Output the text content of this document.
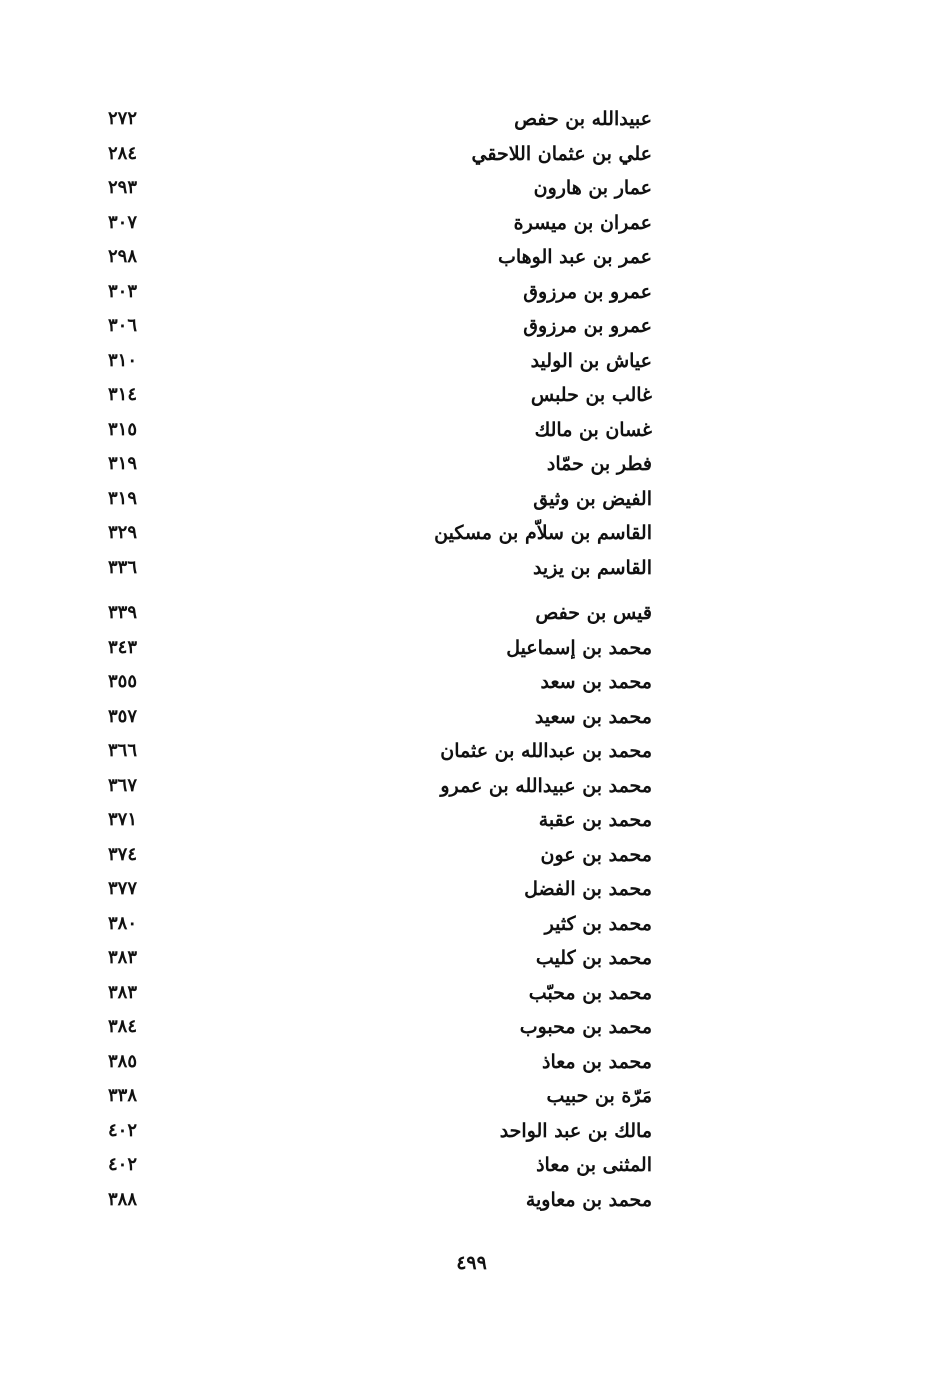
عبيدالله بن حفص
٢٧٢
علي بن عثمان اللاحقي
٢٨٤
عمار بن هارون
٢٩٣
عمران بن ميسرة
٣٠٧
عمر بن عبد الوهاب
٢٩٨
عمرو بن مرزوق
٣٠٣
عمرو بن مرزوق
٣٠٦
عياش بن الوليد
٣١٠
غالب بن حلبس
٣١٤
غسان بن مالك
٣١٥
فطر بن حمّاد
٣١٩
الفيض بن وثيق
٣١٩
القاسم بن سلاّم بن مسكين
٣٢٩
القاسم بن يزيد
٣٣٦
قيس بن حفص
٣٣٩
محمد بن إسماعيل
٣٤٣
محمد بن سعد
٣٥٥
محمد بن سعيد
٣٥٧
محمد بن عبدالله بن عثمان
٣٦٦
محمد بن عبيدالله بن عمرو
٣٦٧
محمد بن عقبة
٣٧١
محمد بن عون
٣٧٤
محمد بن الفضل
٣٧٧
محمد بن كثير
٣٨٠
محمد بن كليب
٣٨٣
محمد بن محبّب
٣٨٣
محمد بن محبوب
٣٨٤
محمد بن معاذ
٣٨٥
مَرّة بن حبيب
٣٣٨
مالك بن عبد الواحد
٤٠٢
المثنى بن معاذ
٤٠٢
محمد بن معاوية
٣٨٨
٤٩٩
